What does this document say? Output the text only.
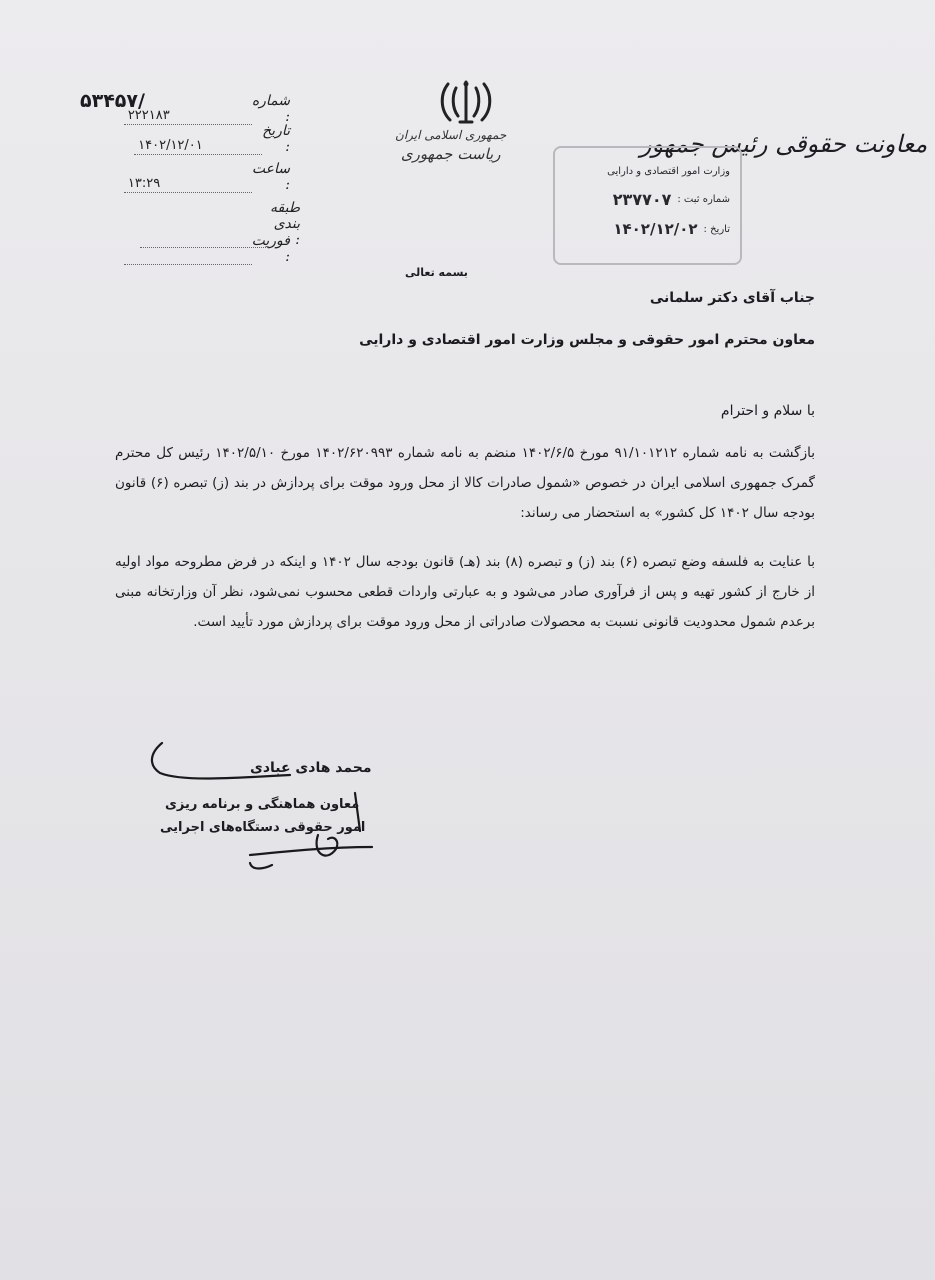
۵۳۴۵۷/	شماره :
۲۲۲۱۸۳
تاریخ :
۱۴۰۲/۱۲/۰۱
ساعت :
۱۳:۲۹
طبقه بندی :
فوریت :
جمهوری اسلامی ایران
ریاست جمهوری	معاونت حقوقی رئیس جمهور
وزارت امور اقتصادی و دارایی
شماره ثبت :
۲۳۷۷۰۷
تاریخ :
۱۴۰۲/۱۲/۰۲
بسمه تعالی
جناب آقای دکتر سلمانی
معاون محترم امور حقوقی و مجلس وزارت امور اقتصادی و دارایی
با سلام و احترام
بازگشت به نامه شماره ۹۱/۱۰۱۲۱۲ مورخ ۱۴۰۲/۶/۵ منضم به نامه شماره ۱۴۰۲/۶۲۰۹۹۳ مورخ ۱۴۰۲/۵/۱۰ رئیس کل محترم گمرک جمهوری اسلامی ایران در خصوص «شمول صادرات کالا از محل ورود موقت برای پردازش در بند (ز) تبصره (۶) قانون بودجه سال ۱۴۰۲ کل کشور» به استحضار می رساند:
با عنایت به فلسفه وضع تبصره (۶) بند (ز) و تبصره (۸) بند (هـ) قانون بودجه سال ۱۴۰۲ و اینکه در فرض مطروحه مواد اولیه از خارج از کشور تهیه و پس از فرآوری صادر می‌شود و به عبارتی واردات قطعی محسوب نمی‌شود، نظر آن وزارتخانه مبنی برعدم شمول محدودیت قانونی نسبت به محصولات صادراتی از محل ورود موقت برای پردازش مورد تأیید است.
محمد هادی عبادی
معاون هماهنگی و برنامه ریزی
امور حقوقی دستگاه‌های اجرایی
